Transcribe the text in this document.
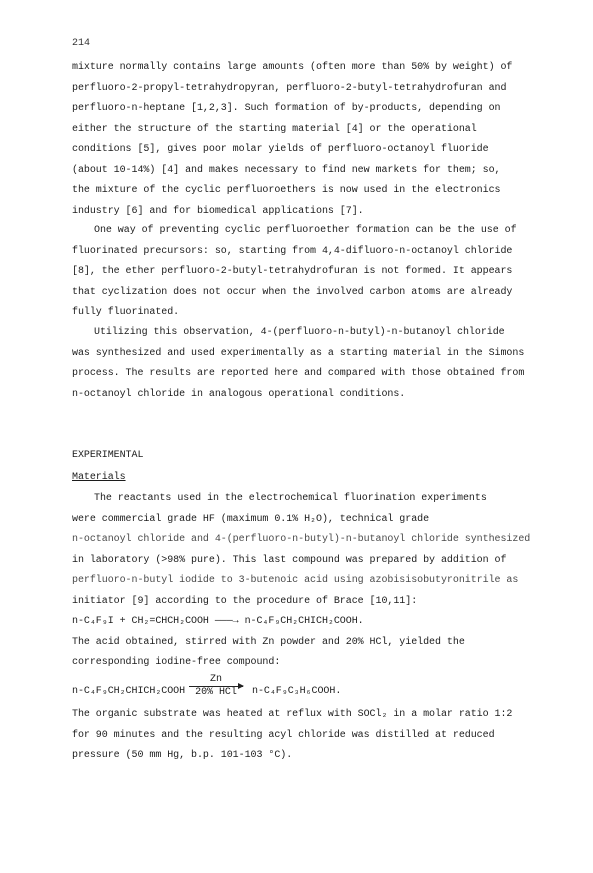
214
mixture normally contains large amounts (often more than 50% by weight) of
perfluoro-2-propyl-tetrahydropyran, perfluoro-2-butyl-tetrahydrofuran and
perfluoro-n-heptane [1,2,3]. Such formation of by-products, depending on
either the structure of the starting material [4] or the operational
conditions [5], gives poor molar yields of perfluoro-octanoyl fluoride
(about 10-14%) [4] and makes necessary to find new markets for them; so,
the mixture of the cyclic perfluoroethers is now used in the electronics
industry [6] and for biomedical applications [7].
One way of preventing cyclic perfluoroether formation can be the use of
fluorinated precursors: so, starting from 4,4-difluoro-n-octanoyl chloride
[8], the ether perfluoro-2-butyl-tetrahydrofuran is not formed. It appears
that cyclization does not occur when the involved carbon atoms are already
fully fluorinated.
Utilizing this observation, 4-(perfluoro-n-butyl)-n-butanoyl chloride
was synthesized and used experimentally as a starting material in the Simons
process. The results are reported here and compared with those obtained from
n-octanoyl chloride in analogous operational conditions.
EXPERIMENTAL
Materials
The reactants used in the electrochemical fluorination experiments
were commercial grade HF (maximum 0.1% H₂O), technical grade
n-octanoyl chloride and 4-(perfluoro-n-butyl)-n-butanoyl chloride synthesized
in laboratory (>98% pure). This last compound was prepared by addition of
perfluoro-n-butyl iodide to 3-butenoic acid using azobisisobutyronitrile as
initiator [9] according to the procedure of Brace [10,11]:
n-C₄F₉I + CH₂=CHCH₂COOH ———→ n-C₄F₉CH₂CHICH₂COOH.
The acid obtained, stirred with Zn powder and 20% HCl, yielded the
corresponding iodine-free compound:
n-C₄F₉CH₂CHICH₂COOH
Zn
20% HCl	n-C₄F₉C₃H₆COOH.
The organic substrate was heated at reflux with SOCl₂ in a molar ratio 1:2
for 90 minutes and the resulting acyl chloride was distilled at reduced
pressure (50 mm Hg, b.p. 101-103 °C).
